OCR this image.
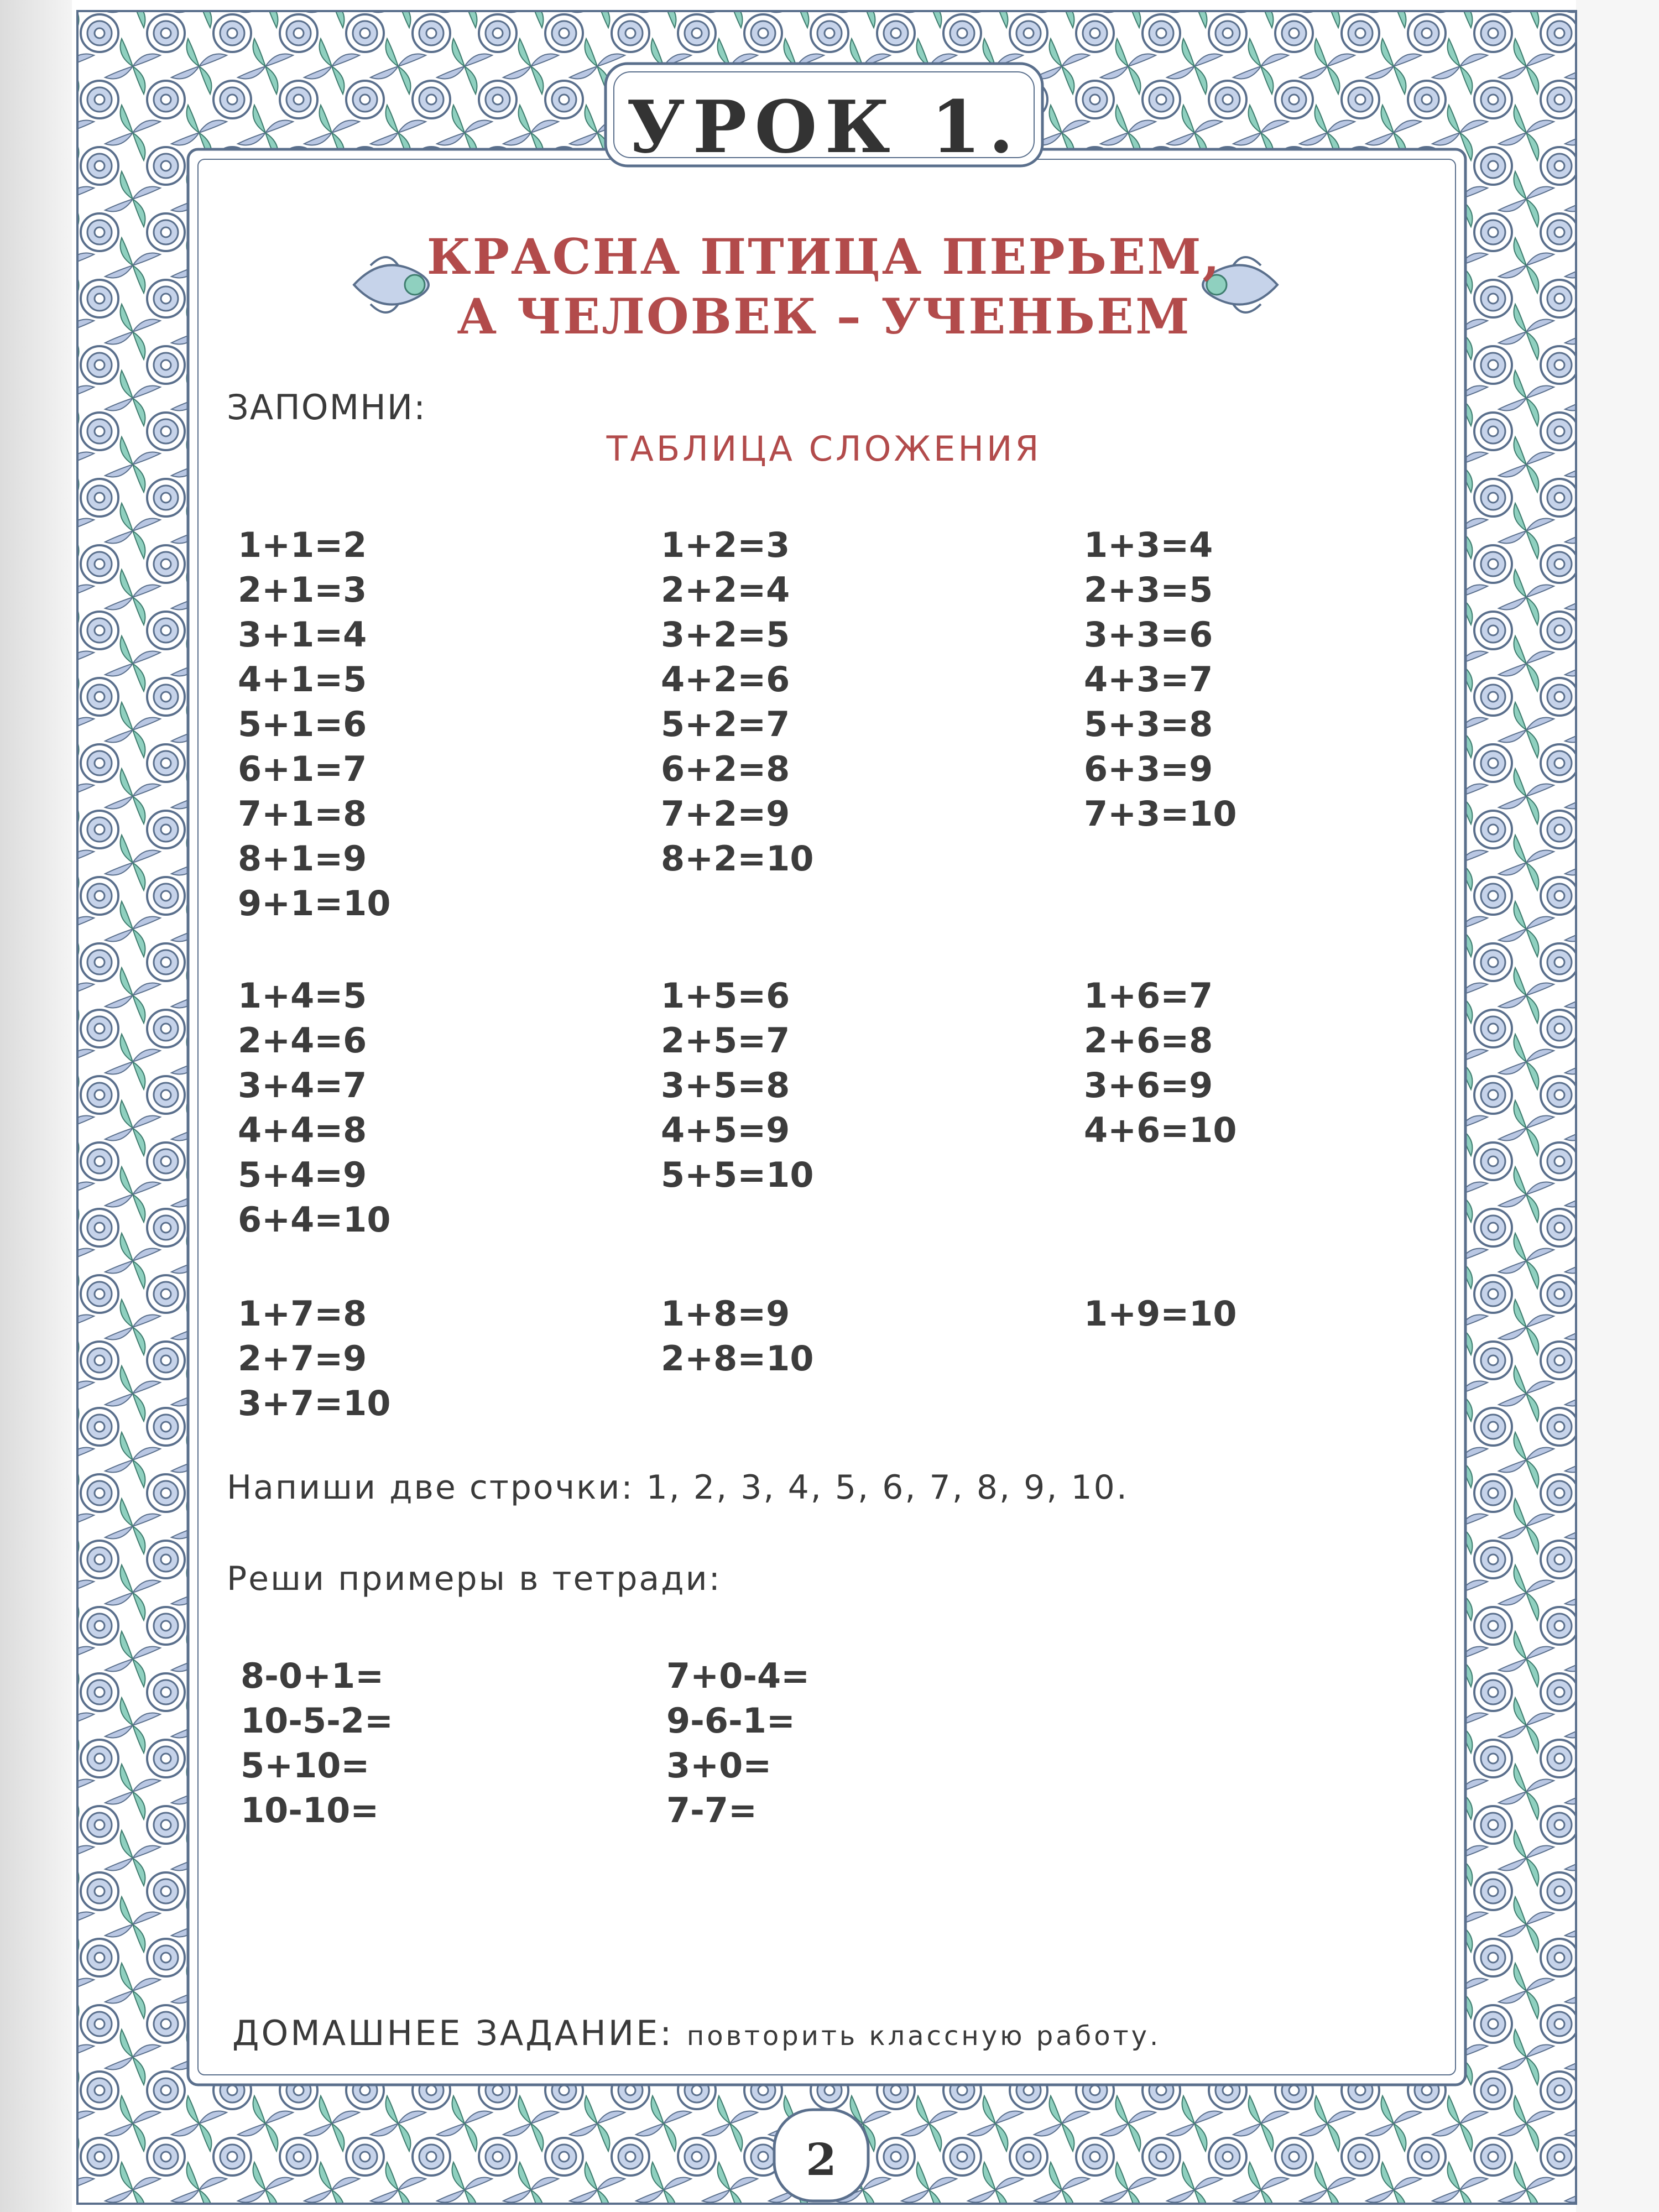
УРОК 1.
КРАСНА ПТИЦА ПЕРЬЕМ,
А ЧЕЛОВЕК – УЧЕНЬЕМ
ЗАПОМНИ:
ТАБЛИЦА СЛОЖЕНИЯ
1+1=2
2+1=3
3+1=4
4+1=5
5+1=6
6+1=7
7+1=8
8+1=9
9+1=10
1+2=3
2+2=4
3+2=5
4+2=6
5+2=7
6+2=8
7+2=9
8+2=10
1+3=4
2+3=5
3+3=6
4+3=7
5+3=8
6+3=9
7+3=10
1+4=5
2+4=6
3+4=7
4+4=8
5+4=9
6+4=10
1+5=6
2+5=7
3+5=8
4+5=9
5+5=10
1+6=7
2+6=8
3+6=9
4+6=10
1+7=8
2+7=9
3+7=10
1+8=9
2+8=10
1+9=10
Напиши две строчки: 1, 2, 3, 4, 5, 6, 7, 8, 9, 10.
Реши примеры в тетради:
8-0+1=
10-5-2=
5+10=
10-10=
7+0-4=
9-6-1=
3+0=
7-7=
ДОМАШНЕЕ ЗАДАНИЕ: повторить классную работу.
2
